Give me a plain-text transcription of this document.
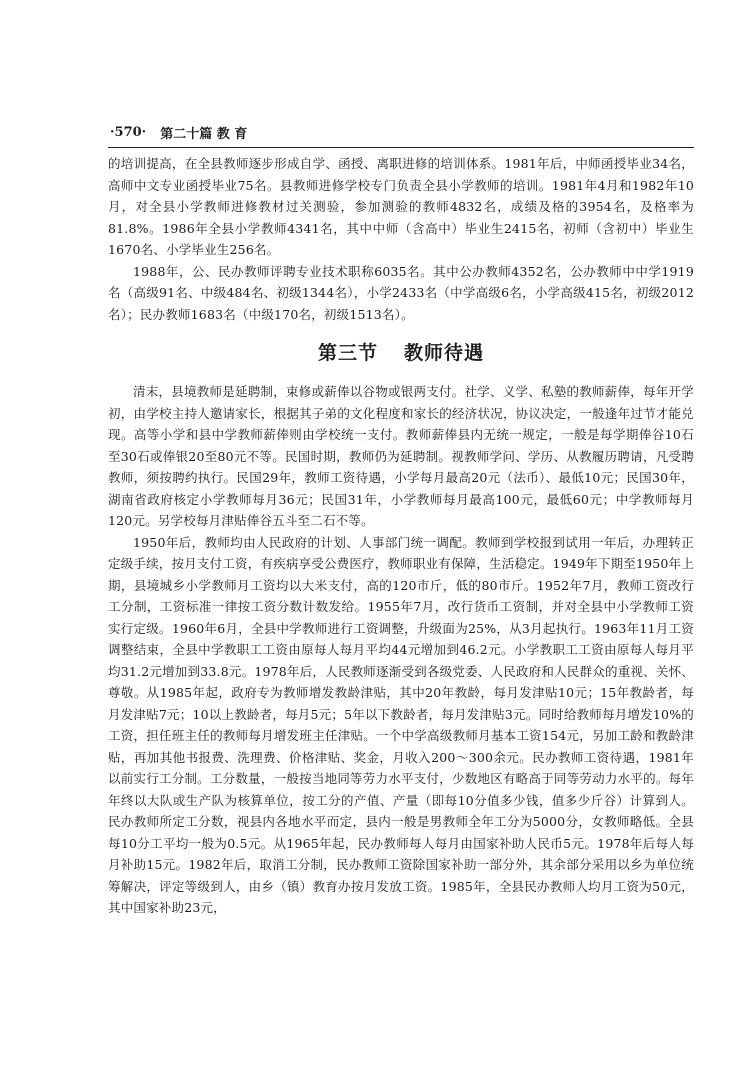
·570· 第二十篇 教 育

的培训提高，在全县教师逐步形成自学、函授、离职进修的培训体系。1981年后，中师函授毕业34名，高师中文专业函授毕业75名。县教师进修学校专门负责全县小学教师的培训。1981年4月和1982年10月，对全县小学教师进修教材过关测验，参加测验的教师4832名，成绩及格的3954名，及格率为81.8%。1986年全县小学教师4341名，其中中师（含高中）毕业生2415名，初师（含初中）毕业生1670名、小学毕业生256名。

1988年，公、民办教师评聘专业技术职称6035名。其中公办教师4352名，公办教师中中学1919名（高级91名、中级484名、初级1344名），小学2433名（中学高级6名，小学高级415名，初级2012名）；民办教师1683名（中级170名，初级1513名）。

第三节 教师待遇

清末，县境教师是延聘制，束修或薪俸以谷物或银两支付。社学、义学、私塾的教师薪俸，每年开学初，由学校主持人邀请家长，根据其子弟的文化程度和家长的经济状况，协议决定，一般逢年过节才能兑现。高等小学和县中学教师薪俸则由学校统一支付。教师薪俸县内无统一规定，一般是每学期俸谷10石至30石或俸银20至80元不等。民国时期，教师仍为延聘制。视教师学问、学历、从教履历聘请，凡受聘教师，须按聘约执行。民国29年，教师工资待遇，小学每月最高20元（法币）、最低10元；民国30年，湖南省政府核定小学教师每月36元；民国31年，小学教师每月最高100元，最低60元；中学教师每月120元。另学校每月津贴俸谷五斗至二石不等。

1950年后，教师均由人民政府的计划、人事部门统一调配。教师到学校报到试用一年后，办理转正定级手续，按月支付工资，有疾病享受公费医疗，教师职业有保障，生活稳定。1949年下期至1950年上期，县境城乡小学教师月工资均以大米支付，高的120市斤，低的80市斤。1952年7月，教师工资改行工分制，工资标准一律按工资分数计数发给。1955年7月，改行货币工资制，并对全县中小学教师工资实行定级。1960年6月，全县中学教师进行工资调整，升级面为25%，从3月起执行。1963年11月工资调整结束，全县中学教职工工资由原每人每月平均44元增加到46.2元。小学教职工工资由原每人每月平均31.2元增加到33.8元。1978年后，人民教师逐渐受到各级党委、人民政府和人民群众的重视、关怀、尊敬。从1985年起，政府专为教师增发教龄津贴，其中20年教龄，每月发津贴10元；15年教龄者，每月发津贴7元；10以上教龄者，每月5元；5年以下教龄者，每月发津贴3元。同时给教师每月增发10%的工资，担任班主任的教师每月增发班主任津贴。一个中学高级教师月基本工资154元，另加工龄和教龄津贴，再加其他书报费、洗理费、价格津贴、奖金，月收入200～300余元。民办教师工资待遇，1981年以前实行工分制。工分数量，一般按当地同等劳力水平支付，少数地区有略高于同等劳动力水平的。每年年终以大队或生产队为核算单位，按工分的产值、产量（即每10分值多少钱，值多少斤谷）计算到人。民办教师所定工分数，视县内各地水平而定，县内一般是男教师全年工分为5000分，女教师略低。全县每10分工平均一般为0.5元。从1965年起，民办教师每人每月由国家补助人民币5元。1978年后每人每月补助15元。1982年后，取消工分制，民办教师工资除国家补助一部分外，其余部分采用以乡为单位统筹解决，评定等级到人，由乡（镇）教育办按月发放工资。1985年，全县民办教师人均月工资为50元，其中国家补助23元，
